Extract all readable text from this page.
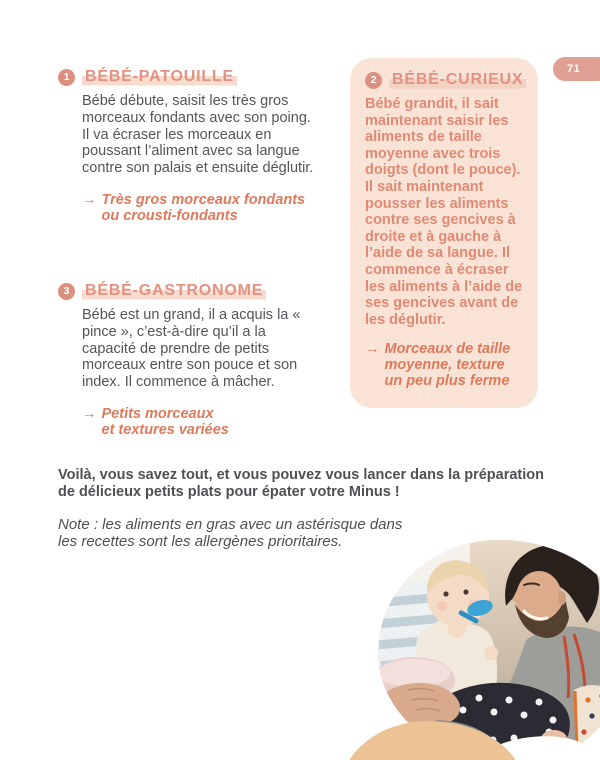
71
1 BÉBÉ-PATOUILLE

Bébé débute, saisit les très gros morceaux fondants avec son poing. Il va écraser les morceaux en poussant l’aliment avec sa langue contre son palais et ensuite déglutir.

→ Très gros morceaux fondants
ou crousti-fondants
2 BÉBÉ-CURIEUX

Bébé grandit, il sait maintenant saisir les aliments de taille moyenne avec trois doigts (dont le pouce). Il sait maintenant pousser les aliments contre ses gencives à droite et à gauche à l’aide de sa langue. Il commence à écraser les aliments à l’aide de ses gencives avant de les déglutir.

→ Morceaux de taille
moyenne, texture
un peu plus ferme
3 BÉBÉ-GASTRONOME

Bébé est un grand, il a acquis la « pince », c’est-à-dire qu’il a la capacité de prendre de petits morceaux entre son pouce et son index. Il commence à mâcher.

→ Petits morceaux
et textures variées

Voilà, vous savez tout, et vous pouvez vous lancer dans la préparation de délicieux petits plats pour épater votre Minus !

Note : les aliments en gras avec un astérisque dans les recettes sont les allergènes prioritaires.
